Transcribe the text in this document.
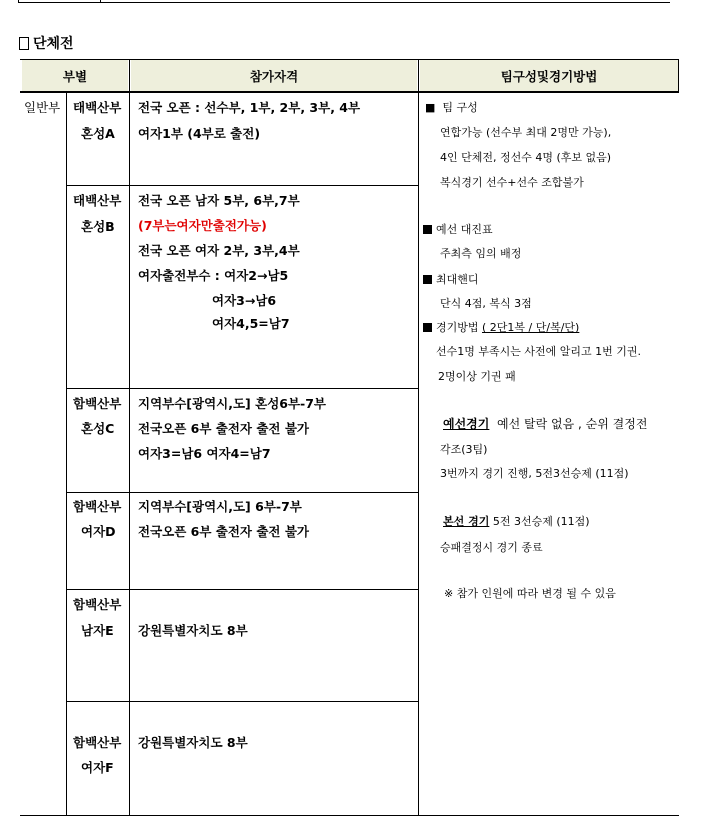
단체전
부별	참가자격	팀구성및경기방법
일반부 태백산부
혼성A
전국 오픈 : 선수부, 1부, 2부, 3부, 4부
여자1부 (4부로 출전)
태백산부
혼성B
전국 오픈 남자 5부, 6부,7부
(7부는여자만출전가능)
전국 오픈 여자 2부, 3부,4부
여자출전부수 : 여자2→남5
여자3→남6
여자4,5=남7
함백산부
혼성C
지역부수[광역시,도] 혼성6부-7부
전국오픈 6부 출전자 출전 불가
여자3=남6 여자4=남7
함백산부
여자D
지역부수[광역시,도] 6부-7부
전국오픈 6부 출전자 출전 불가
함백산부
남자E 강원특별자치도 8부
함백산부
여자F
강원특별자치도 8부
■ 팀 구성
연합가능 (선수부 최대 2명만 가능),
4인 단체전, 정선수 4명 (후보 없음)
복식경기 선수+선수 조합불가
예선 대진표
주최측 임의 배정
최대핸디
단식 4점, 복식 3점
경기방법 ( 2단1복 / 단/복/단)
선수1명 부족시는 사전에 알리고 1번 기권.
2명이상 기권 패
예선경기 예선 탈락 없음 , 순위 결정전
각조(3팀)
3번까지 경기 진행, 5전3선승제 (11점)
본선 경기 5전 3선승제 (11점)
승패결정시 경기 종료
※ 참가 인원에 따라 변경 될 수 있음
